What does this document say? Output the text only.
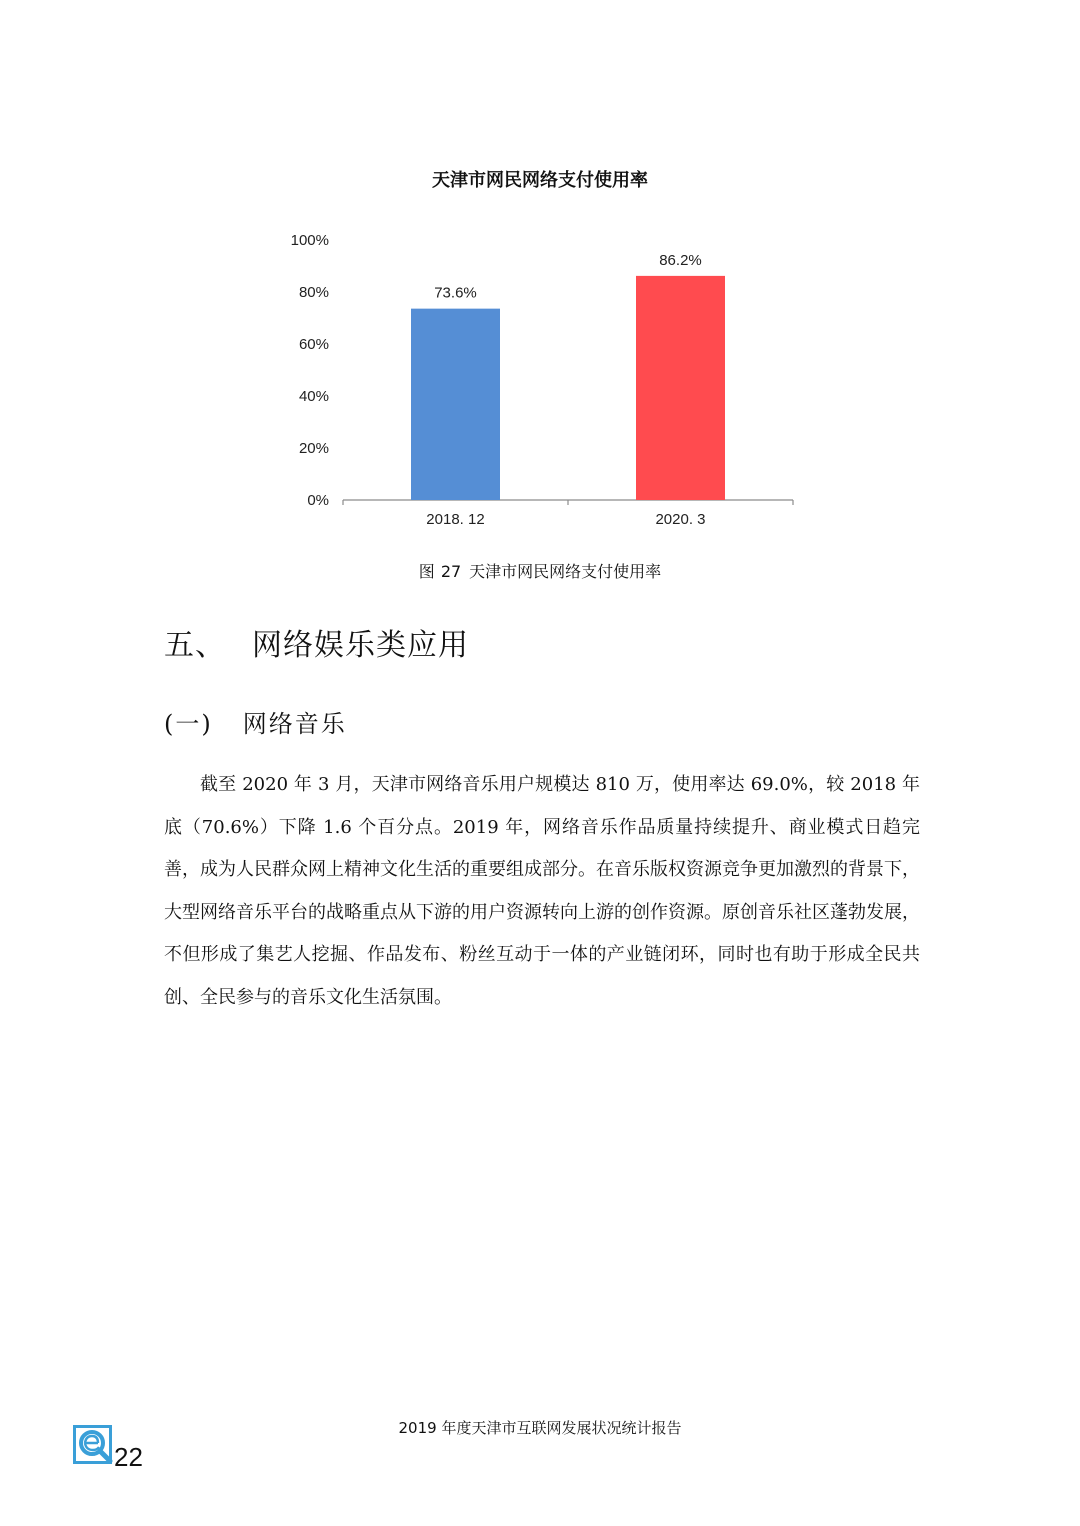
天津市网民网络支付使用率
0%
20%
40%
60%
80%
100%
73.6%
86.2%
2018. 12	2020. 3
图 27 天津市网民网络支付使用率
五、 网络娱乐类应用
(一) 网络音乐

截至 2020 年 3 月，天津市网络音乐用户规模达 810 万，使用率达 69.0%，较 2018 年底（70.6%）下降 1.6 个百分点。2019 年，网络音乐作品质量持续提升、商业模式日趋完善，成为人民群众网上精神文化生活的重要组成部分。在音乐版权资源竞争更加激烈的背景下，大型网络音乐平台的战略重点从下游的用户资源转向上游的创作资源。原创音乐社区蓬勃发展，不但形成了集艺人挖掘、作品发布、粉丝互动于一体的产业链闭环，同时也有助于形成全民共创、全民参与的音乐文化生活氛围。

2019 年度天津市互联网发展状况统计报告
22
